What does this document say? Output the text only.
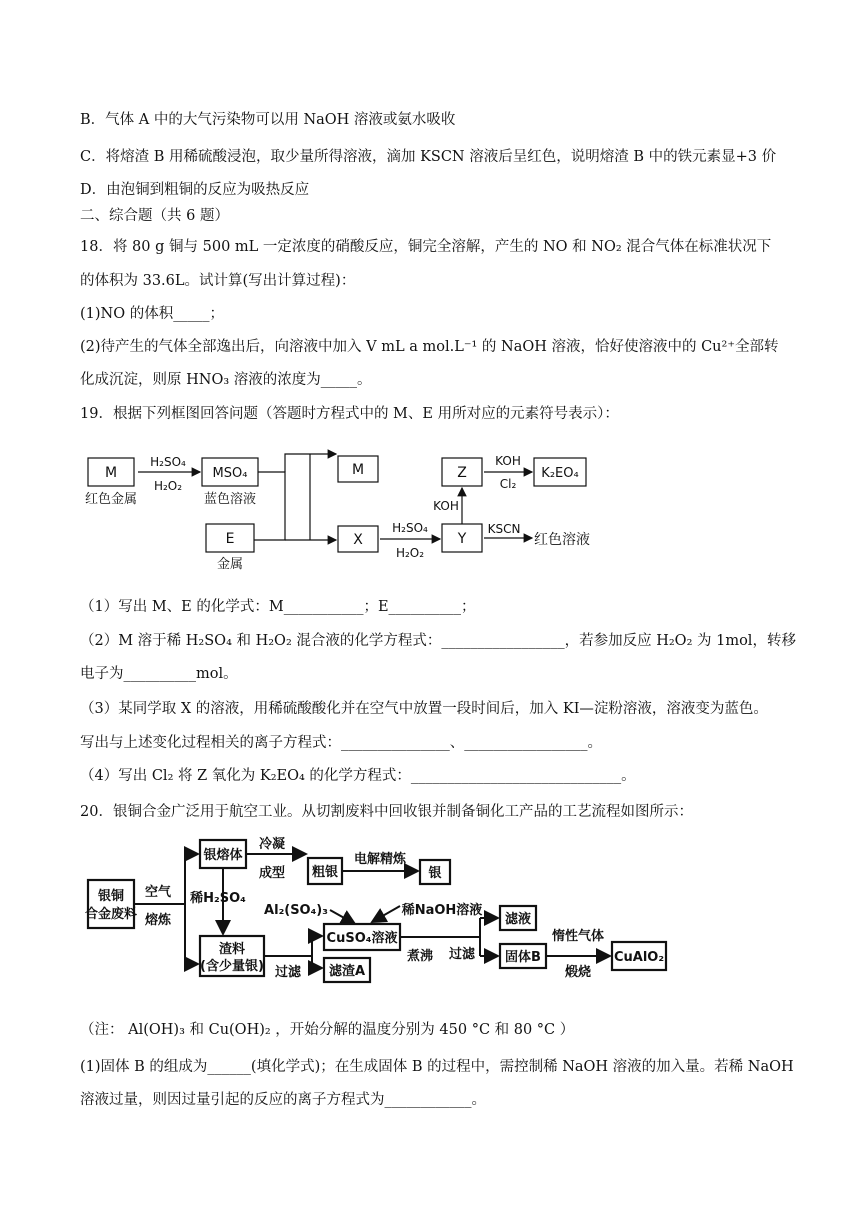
B．气体 A 中的大气污染物可以用 NaOH 溶液或氨水吸收
C．将熔渣 B 用稀硫酸浸泡，取少量所得溶液，滴加 KSCN 溶液后呈红色，说明熔渣 B 中的铁元素显+3 价
D．由泡铜到粗铜的反应为吸热反应
二、综合题（共 6 题）
18．将 80 g 铜与 500 mL 一定浓度的硝酸反应，铜完全溶解，产生的 NO 和 NO₂ 混合气体在标准状况下
的体积为 33.6L。试计算(写出计算过程)：
(1)NO 的体积_____；
(2)待产生的气体全部逸出后，向溶液中加入 V mL a mol.L⁻¹ 的 NaOH 溶液，恰好使溶液中的 Cu²⁺全部转
化成沉淀，则原 HNO₃ 溶液的浓度为_____。
19．根据下列框图回答问题（答题时方程式中的 M、E 用所对应的元素符号表示）：
M
红色金属
H₂SO₄
H₂O₂
MSO₄
蓝色溶液
E
金属
M
X
H₂SO₄
H₂O₂
Y
KOH
Z
KOH
Cl₂
K₂EO₄
KSCN
红色溶液
（1）写出 M、E 的化学式：M___________；E__________；
（2）M 溶于稀 H₂SO₄ 和 H₂O₂ 混合液的化学方程式：_________________，若参加反应 H₂O₂ 为 1mol，转移
电子为__________mol。
（3）某同学取 X 的溶液，用稀硫酸酸化并在空气中放置一段时间后，加入 KI—淀粉溶液，溶液变为蓝色。
写出与上述变化过程相关的离子方程式：_______________、_________________。
（4）写出 Cl₂ 将 Z 氧化为 K₂EO₄ 的化学方程式：_____________________________。
20．银铜合金广泛用于航空工业。从切割废料中回收银并制备铜化工产品的工艺流程如图所示：
银铜
合金废料
空气
熔炼
银熔体
冷凝
成型 粗银
电解精炼
银
稀H₂SO₄
渣料
(含少量银) 过滤
Al₂(SO₄)₃
CuSO₄溶液
稀NaOH溶液
滤渣A
煮沸 过滤
滤液
固体B
惰性气体
煅烧
CuAlO₂
（注： Al(OH)₃ 和 Cu(OH)₂ ，开始分解的温度分别为 450 °C 和 80 °C ）
(1)固体 B 的组成为______(填化学式)；在生成固体 B 的过程中，需控制稀 NaOH 溶液的加入量。若稀 NaOH
溶液过量，则因过量引起的反应的离子方程式为____________。
